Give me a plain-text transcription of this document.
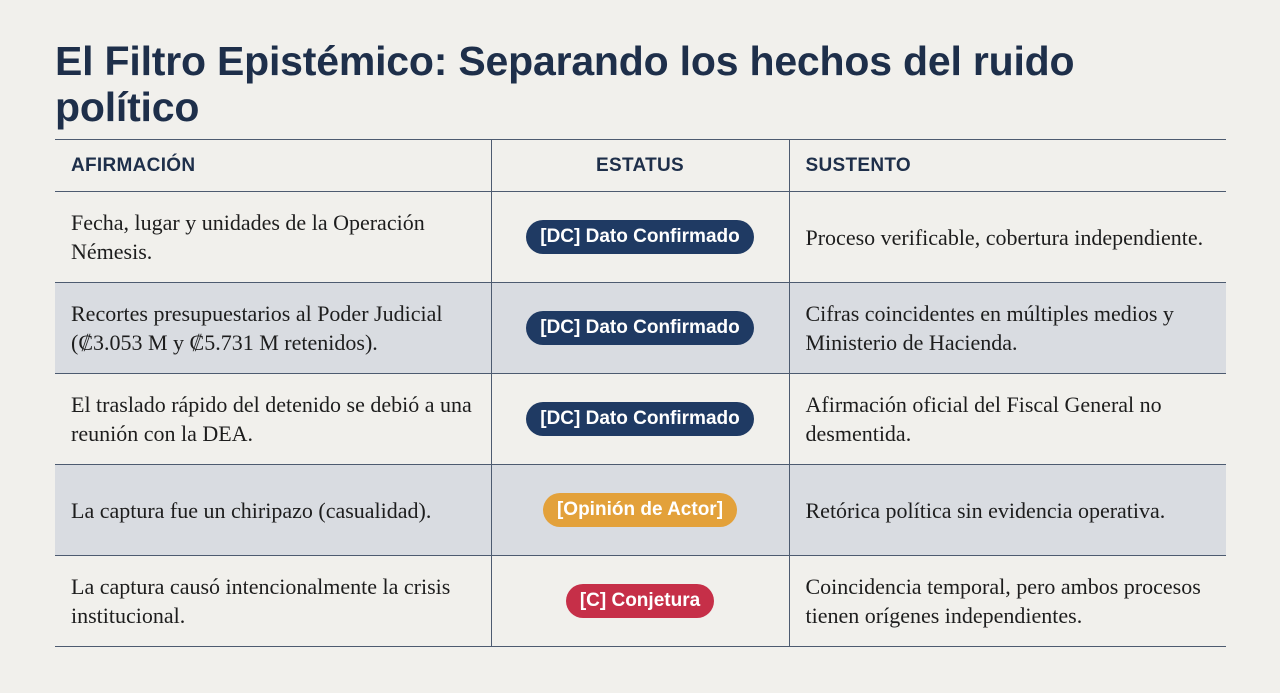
El Filtro Epistémico: Separando los hechos del ruido político
AFIRMACIÓN	ESTATUS	SUSTENTO
Fecha, lugar y unidades de la Operación Némesis.	[DC] Dato Confirmado	Proceso verificable, cobertura independiente.
Recortes presupuestarios al Poder Judicial (₡3.053 M y ₡5.731 M retenidos).	[DC] Dato Confirmado	Cifras coincidentes en múltiples medios y Ministerio de Hacienda.
El traslado rápido del detenido se debió a una reunión con la DEA.	[DC] Dato Confirmado	Afirmación oficial del Fiscal General no desmentida.
La captura fue un chiripazo (casualidad).	[Opinión de Actor]	Retórica política sin evidencia operativa.
La captura causó intencionalmente la crisis institucional.	[C] Conjetura	Coincidencia temporal, pero ambos procesos tienen orígenes independientes.
